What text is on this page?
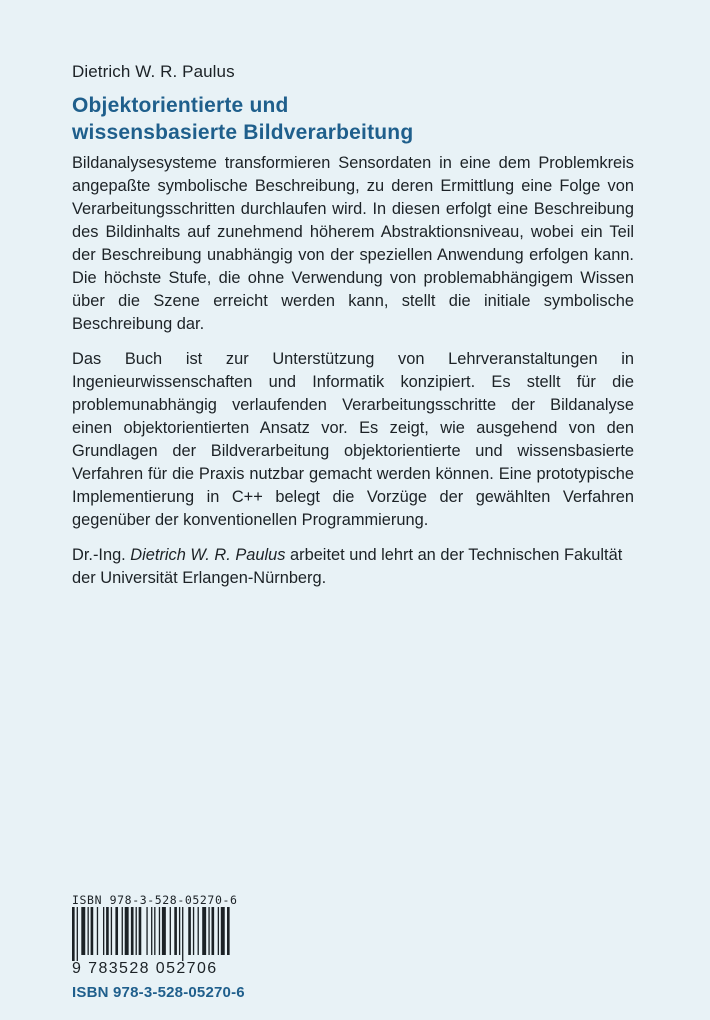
Dietrich W. R. Paulus
Objektorientierte und
wissensbasierte Bildverarbeitung

Bildanalysesysteme transformieren Sensordaten in eine dem Problemkreis angepaßte symbolische Beschreibung, zu deren Ermittlung eine Folge von Verarbeitungsschritten durchlaufen wird. In diesen erfolgt eine Beschreibung des Bildinhalts auf zunehmend höherem Abstraktionsniveau, wobei ein Teil der Beschreibung unabhängig von der speziellen Anwendung erfolgen kann. Die höchste Stufe, die ohne Verwendung von problemabhängigem Wissen über die Szene erreicht werden kann, stellt die initiale symbolische Beschreibung dar.

Das Buch ist zur Unterstützung von Lehrveranstaltungen in Ingenieurwissenschaften und Informatik konzipiert. Es stellt für die problemunabhängig verlaufenden Verarbeitungsschritte der Bildanalyse einen objektorientierten Ansatz vor. Es zeigt, wie ausgehend von den Grundlagen der Bildverarbeitung objektorientierte und wissensbasierte Verfahren für die Praxis nutzbar gemacht werden können. Eine prototypische Implementierung in C++ belegt die Vorzüge der gewählten Verfahren gegenüber der konventionellen Programmierung.

Dr.-Ing. Dietrich W. R. Paulus arbeitet und lehrt an der Technischen Fakultät der Universität Erlangen-Nürnberg.

ISBN 978-3-528-05270-6
9 783528 052706
ISBN 978-3-528-05270-6
